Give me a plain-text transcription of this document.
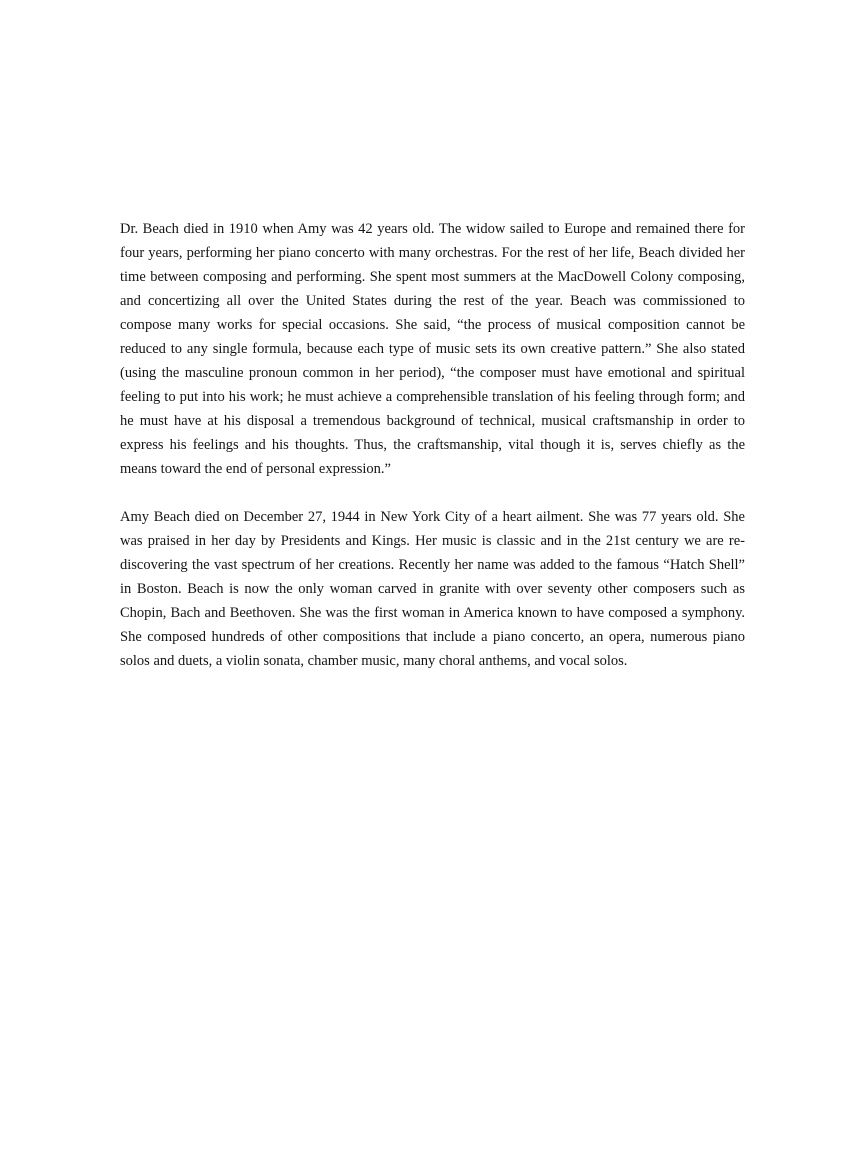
Dr. Beach died in 1910 when Amy was 42 years old. The widow sailed to Europe and remained there for four years, performing her piano concerto with many orchestras. For the rest of her life, Beach divided her time between composing and performing. She spent most summers at the MacDowell Colony composing, and concertizing all over the United States during the rest of the year. Beach was commissioned to compose many works for special occasions. She said, “the process of musical composition cannot be reduced to any single formula, because each type of music sets its own creative pattern.” She also stated (using the masculine pronoun common in her period), “the composer must have emotional and spiritual feeling to put into his work; he must achieve a comprehensible translation of his feeling through form; and he must have at his disposal a tremendous background of technical, musical craftsmanship in order to express his feelings and his thoughts. Thus, the craftsmanship, vital though it is, serves chiefly as the means toward the end of personal expression.”

Amy Beach died on December 27, 1944 in New York City of a heart ailment. She was 77 years old. She was praised in her day by Presidents and Kings. Her music is classic and in the 21st century we are re-discovering the vast spectrum of her creations. Recently her name was added to the famous “Hatch Shell” in Boston. Beach is now the only woman carved in granite with over seventy other composers such as Chopin, Bach and Beethoven. She was the first woman in America known to have composed a symphony. She composed hundreds of other compositions that include a piano concerto, an opera, numerous piano solos and duets, a violin sonata, chamber music, many choral anthems, and vocal solos.
